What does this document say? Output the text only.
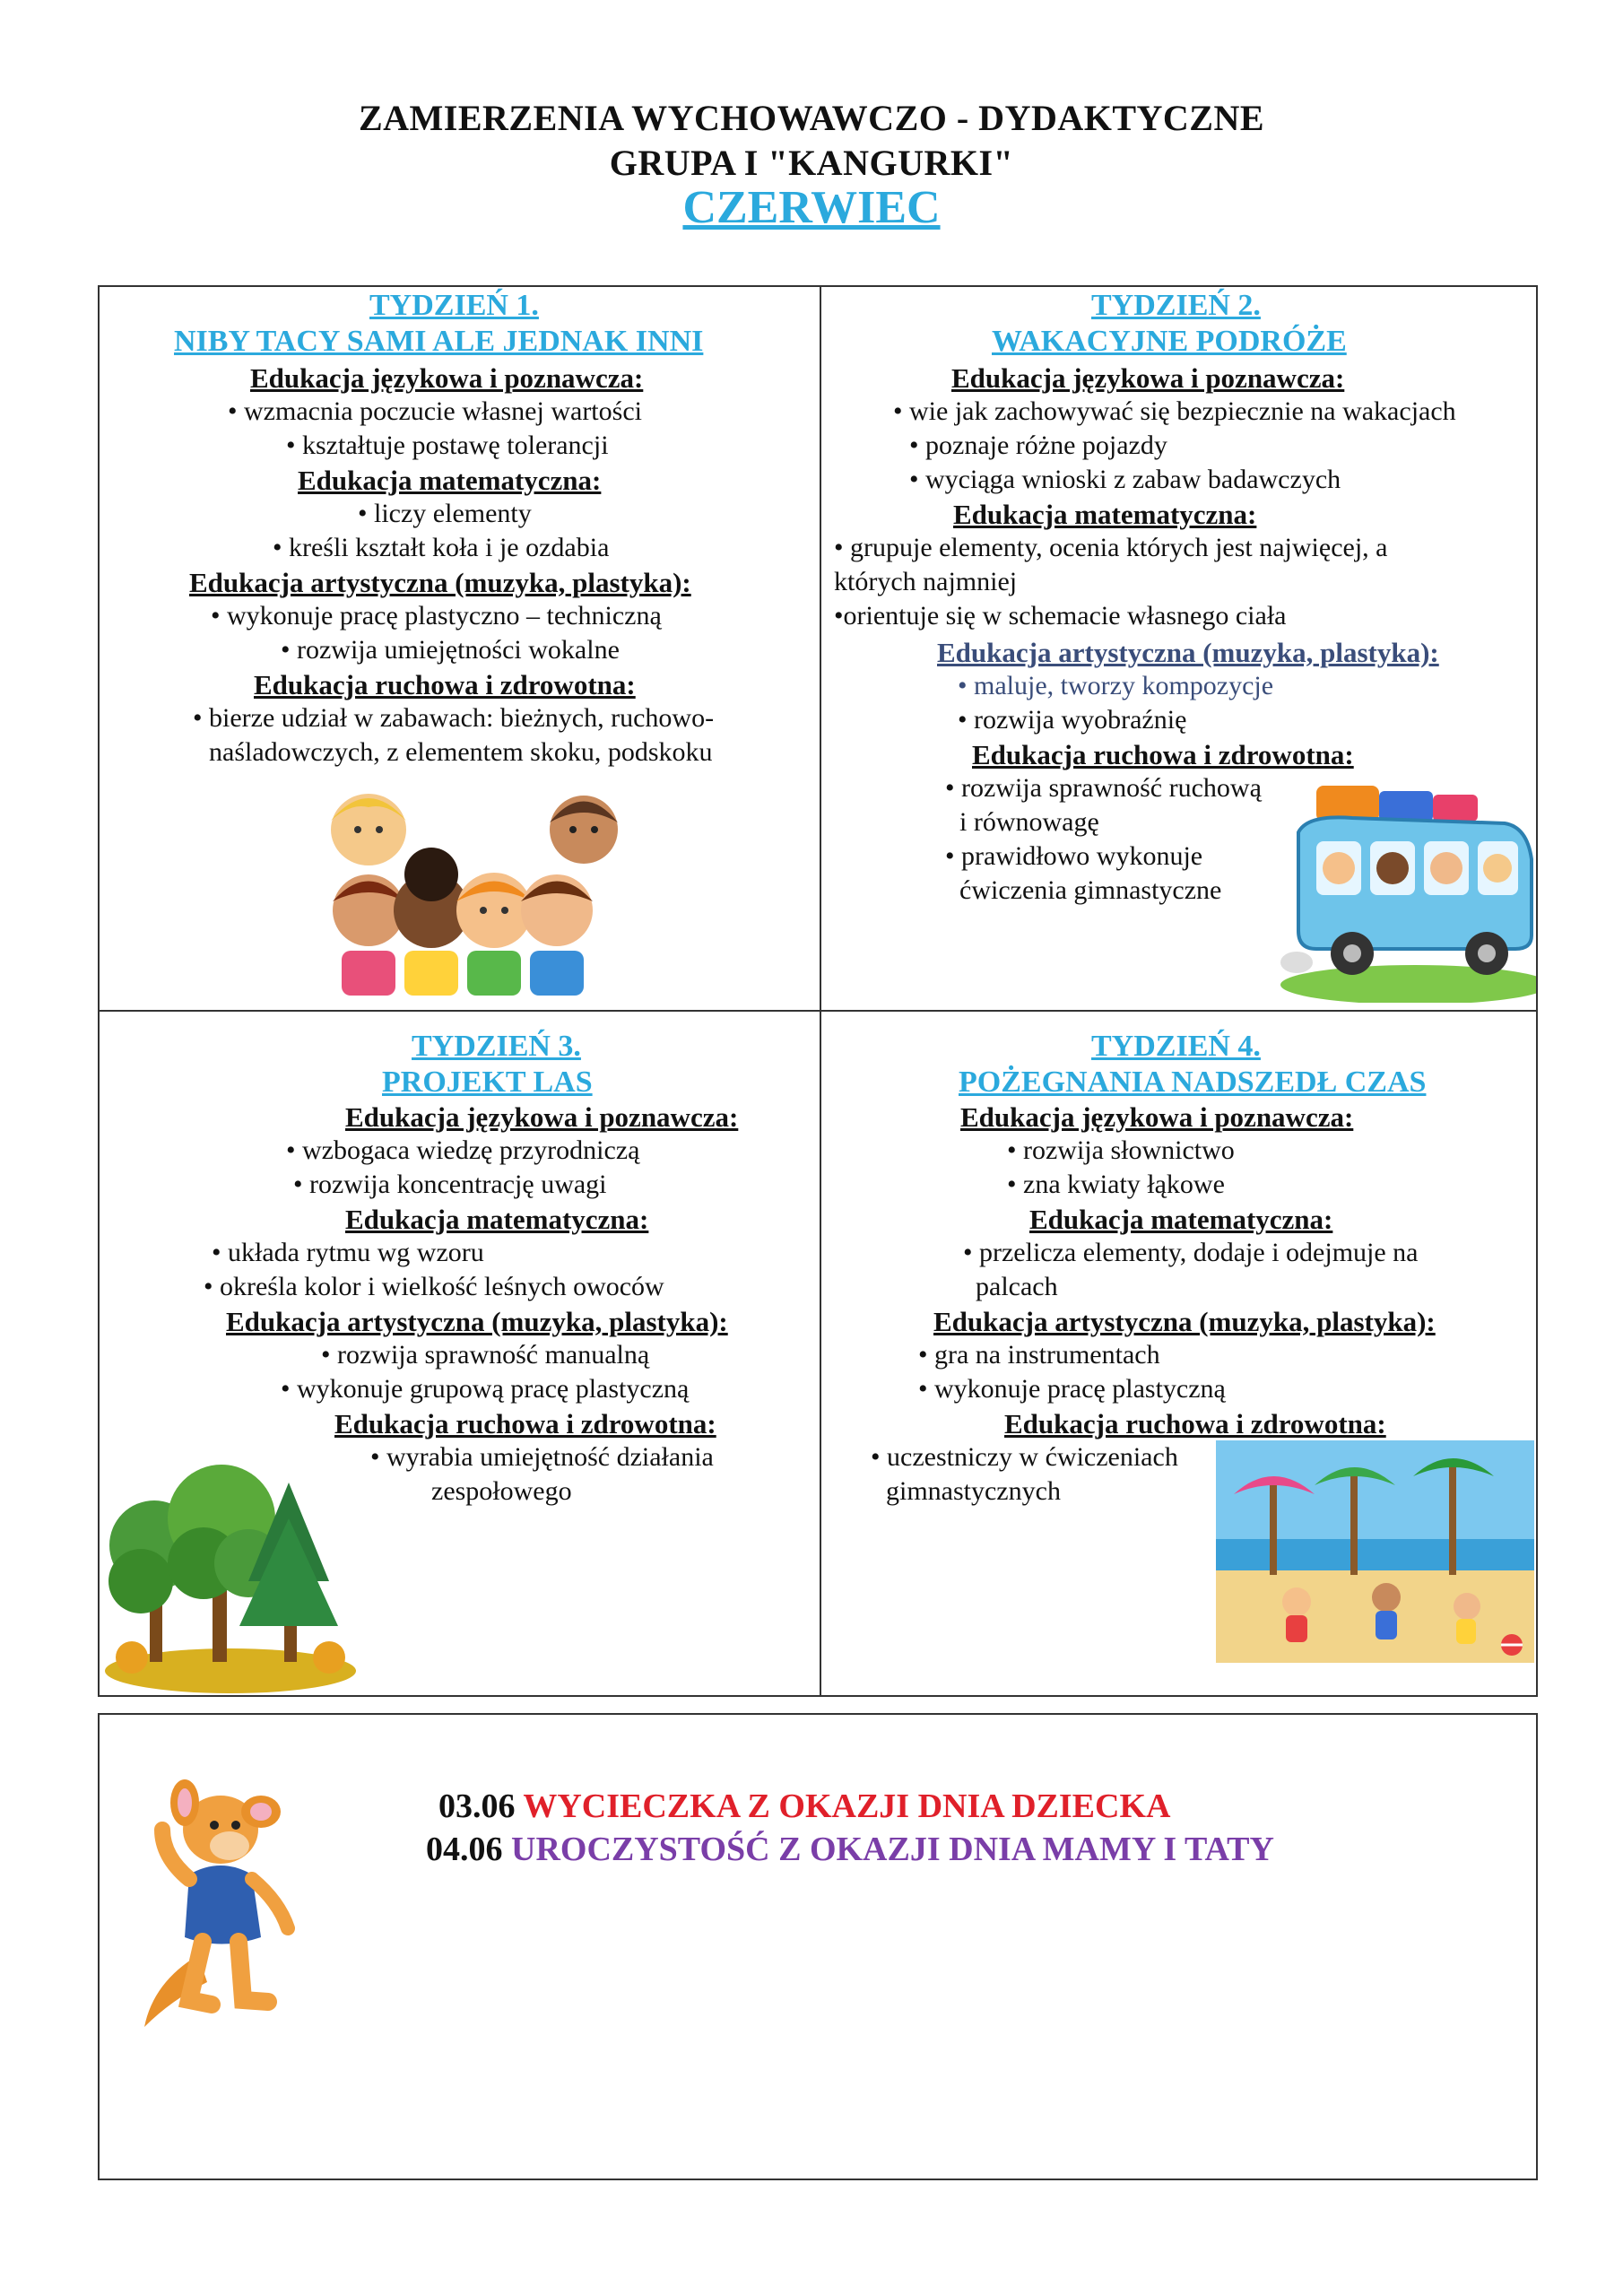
ZAMIERZENIA WYCHOWAWCZO - DYDAKTYCZNE
GRUPA I "KANGURKI"
CZERWIEC
TYDZIEŃ 1.
NIBY TACY SAMI ALE JEDNAK INNI
Edukacja językowa i poznawcza:
• wzmacnia poczucie własnej wartości
• kształtuje postawę tolerancji
Edukacja matematyczna:
• liczy elementy
• kreśli kształt koła i je ozdabia
Edukacja artystyczna (muzyka, plastyka):
• wykonuje pracę plastyczno – techniczną
• rozwija umiejętności wokalne
Edukacja ruchowa i zdrowotna:
• bierze udział w zabawach: bieżnych, ruchowo-
naśladowczych, z elementem skoku, podskoku
TYDZIEŃ 2.
WAKACYJNE PODRÓŻE
Edukacja językowa i poznawcza:
• wie jak zachowywać się bezpiecznie na wakacjach
• poznaje różne pojazdy
• wyciąga wnioski z zabaw badawczych
Edukacja matematyczna:
• grupuje elementy, ocenia których jest najwięcej, a
których najmniej
•orientuje się w schemacie własnego ciała
Edukacja artystyczna (muzyka, plastyka):
• maluje, tworzy kompozycje
• rozwija wyobraźnię
Edukacja ruchowa i zdrowotna:
• rozwija sprawność ruchową
i równowagę
• prawidłowo wykonuje
ćwiczenia gimnastyczne
TYDZIEŃ 3.
PROJEKT LAS
Edukacja językowa i poznawcza:
• wzbogaca wiedzę przyrodniczą
• rozwija koncentrację uwagi
Edukacja matematyczna:
• układa rytmu wg wzoru
• określa kolor i wielkość leśnych owoców
Edukacja artystyczna (muzyka, plastyka):
• rozwija sprawność manualną
• wykonuje grupową pracę plastyczną
Edukacja ruchowa i zdrowotna:
• wyrabia umiejętność działania
zespołowego
TYDZIEŃ 4.
POŻEGNANIA NADSZEDŁ CZAS
Edukacja językowa i poznawcza:
• rozwija słownictwo
• zna kwiaty łąkowe
Edukacja matematyczna:
• przelicza elementy, dodaje i odejmuje na
palcach
Edukacja artystyczna (muzyka, plastyka):
• gra na instrumentach
• wykonuje pracę plastyczną
Edukacja ruchowa i zdrowotna:
• uczestniczy w ćwiczeniach
gimnastycznych
03.06 WYCIECZKA Z OKAZJI DNIA DZIECKA
04.06 UROCZYSTOŚĆ Z OKAZJI DNIA MAMY I TATY
